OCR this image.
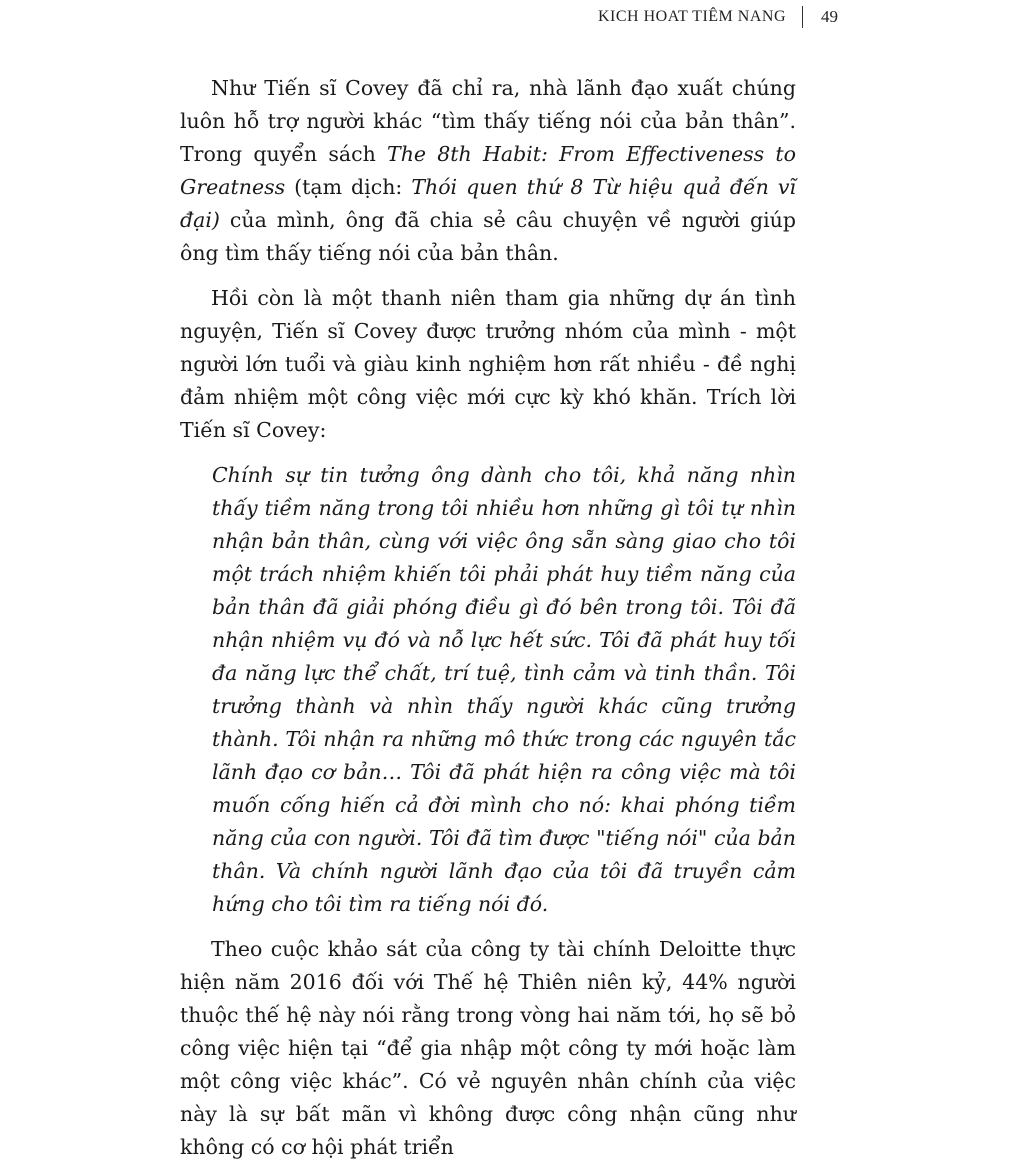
KICH HOAT TIÊM NANG 49

Như Tiến sĩ Covey đã chỉ ra, nhà lãnh đạo xuất chúng luôn hỗ trợ người khác “tìm thấy tiếng nói của bản thân”. Trong quyển sách The 8th Habit: From Effectiveness to Greatness (tạm dịch: Thói quen thứ 8 Từ hiệu quả đến vĩ đại) của mình, ông đã chia sẻ câu chuyện về người giúp ông tìm thấy tiếng nói của bản thân.

Hồi còn là một thanh niên tham gia những dự án tình nguyện, Tiến sĩ Covey được trưởng nhóm của mình - một người lớn tuổi và giàu kinh nghiệm hơn rất nhiều - đề nghị đảm nhiệm một công việc mới cực kỳ khó khăn. Trích lời Tiến sĩ Covey:

Chính sự tin tưởng ông dành cho tôi, khả năng nhìn thấy tiềm năng trong tôi nhiều hơn những gì tôi tự nhìn nhận bản thân, cùng với việc ông sẵn sàng giao cho tôi một trách nhiệm khiến tôi phải phát huy tiềm năng của bản thân đã giải phóng điều gì đó bên trong tôi. Tôi đã nhận nhiệm vụ đó và nỗ lực hết sức. Tôi đã phát huy tối đa năng lực thể chất, trí tuệ, tình cảm và tinh thần. Tôi trưởng thành và nhìn thấy người khác cũng trưởng thành. Tôi nhận ra những mô thức trong các nguyên tắc lãnh đạo cơ bản… Tôi đã phát hiện ra công việc mà tôi muốn cống hiến cả đời mình cho nó: khai phóng tiềm năng của con người. Tôi đã tìm được "tiếng nói" của bản thân. Và chính người lãnh đạo của tôi đã truyền cảm hứng cho tôi tìm ra tiếng nói đó.

Theo cuộc khảo sát của công ty tài chính Deloitte thực hiện năm 2016 đối với Thế hệ Thiên niên kỷ, 44% người thuộc thế hệ này nói rằng trong vòng hai năm tới, họ sẽ bỏ công việc hiện tại “để gia nhập một công ty mới hoặc làm một công việc khác”. Có vẻ nguyên nhân chính của việc này là sự bất mãn vì không được công nhận cũng như không có cơ hội phát triển
